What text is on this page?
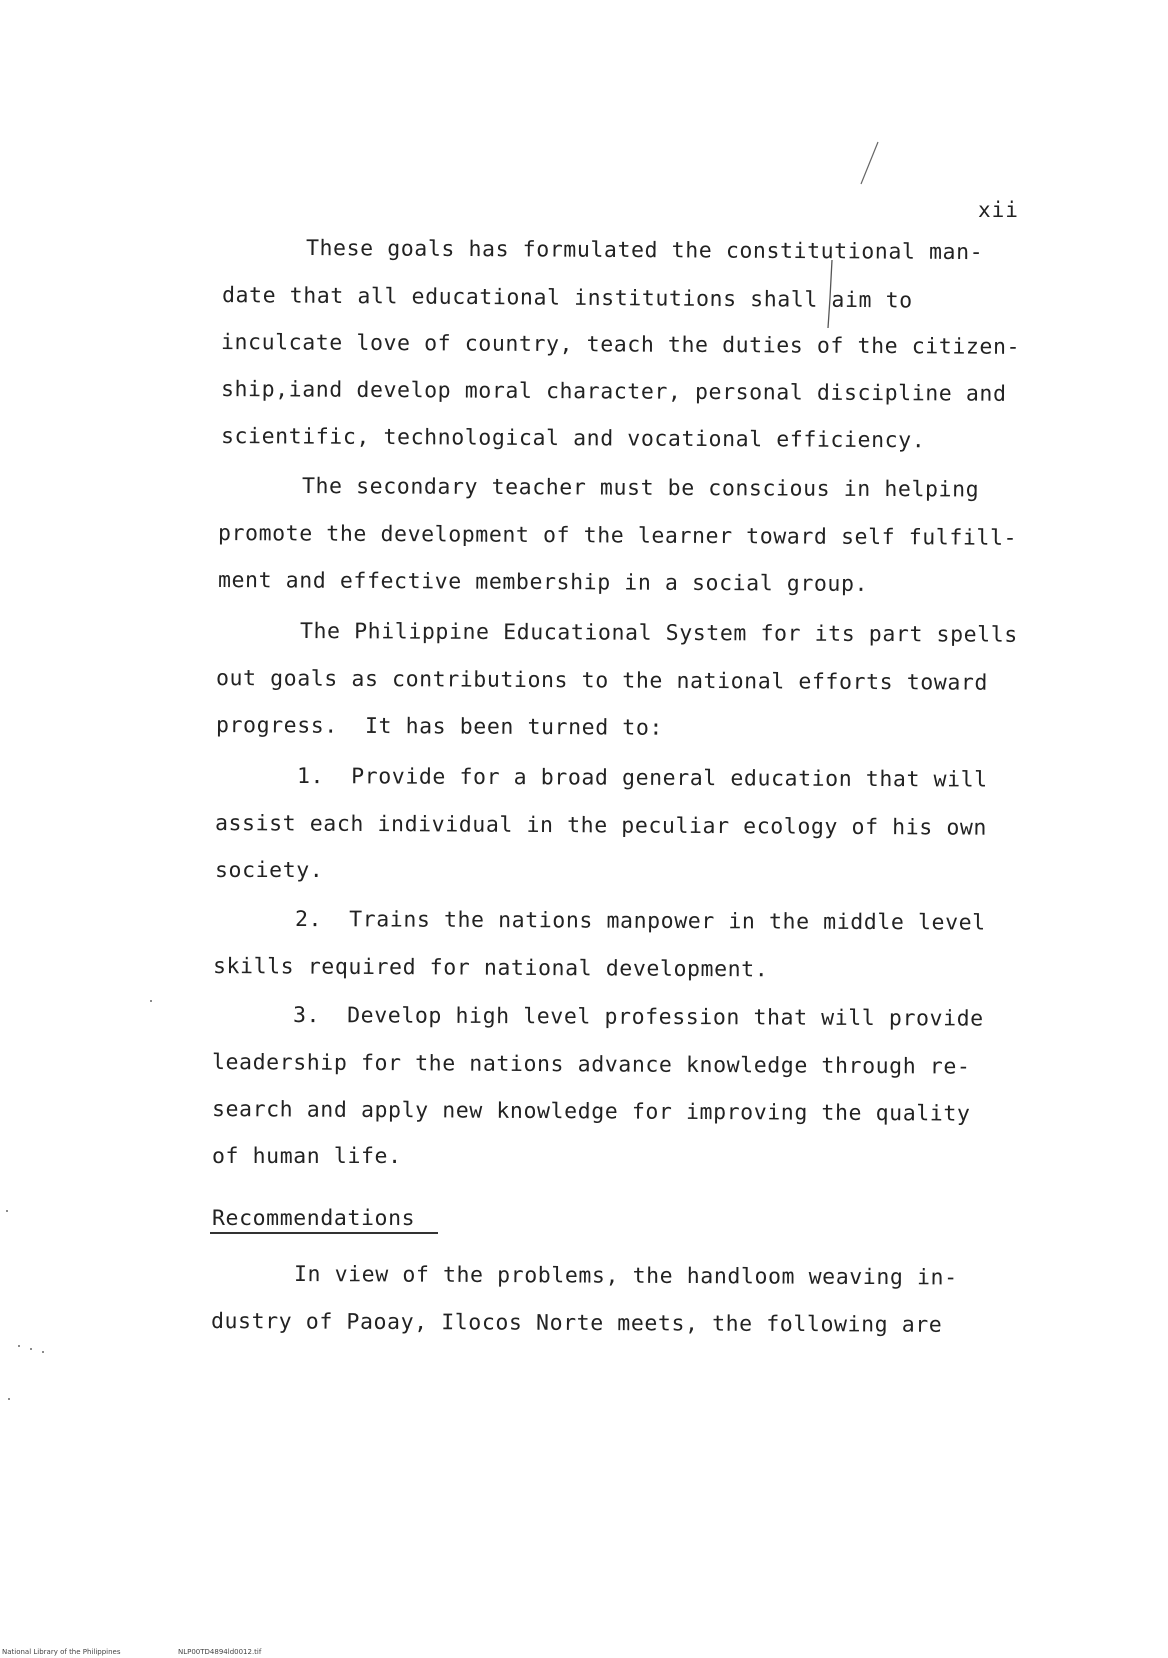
xii
These goals has formulated the constitutional man-
date that all educational institutions shall aim to
inculcate love of country, teach the duties of the citizen-
ship,iand develop moral character, personal discipline and
scientific, technological and vocational efficiency.
The secondary teacher must be conscious in helping
promote the development of the learner toward self fulfill-
ment and effective membership in a social group.
The Philippine Educational System for its part spells
out goals as contributions to the national efforts toward
progress.  It has been turned to:
1.  Provide for a broad general education that will
assist each individual in the peculiar ecology of his own
society.
2.  Trains the nations manpower in the middle level
skills required for national development.
3.  Develop high level profession that will provide
leadership for the nations advance knowledge through re-
search and apply new knowledge for improving the quality
of human life.
Recommendations
In view of the problems, the handloom weaving in-
dustry of Paoay, Ilocos Norte meets, the following are
National Library of the Philippines	NLP00TD4894ld0012.tif
